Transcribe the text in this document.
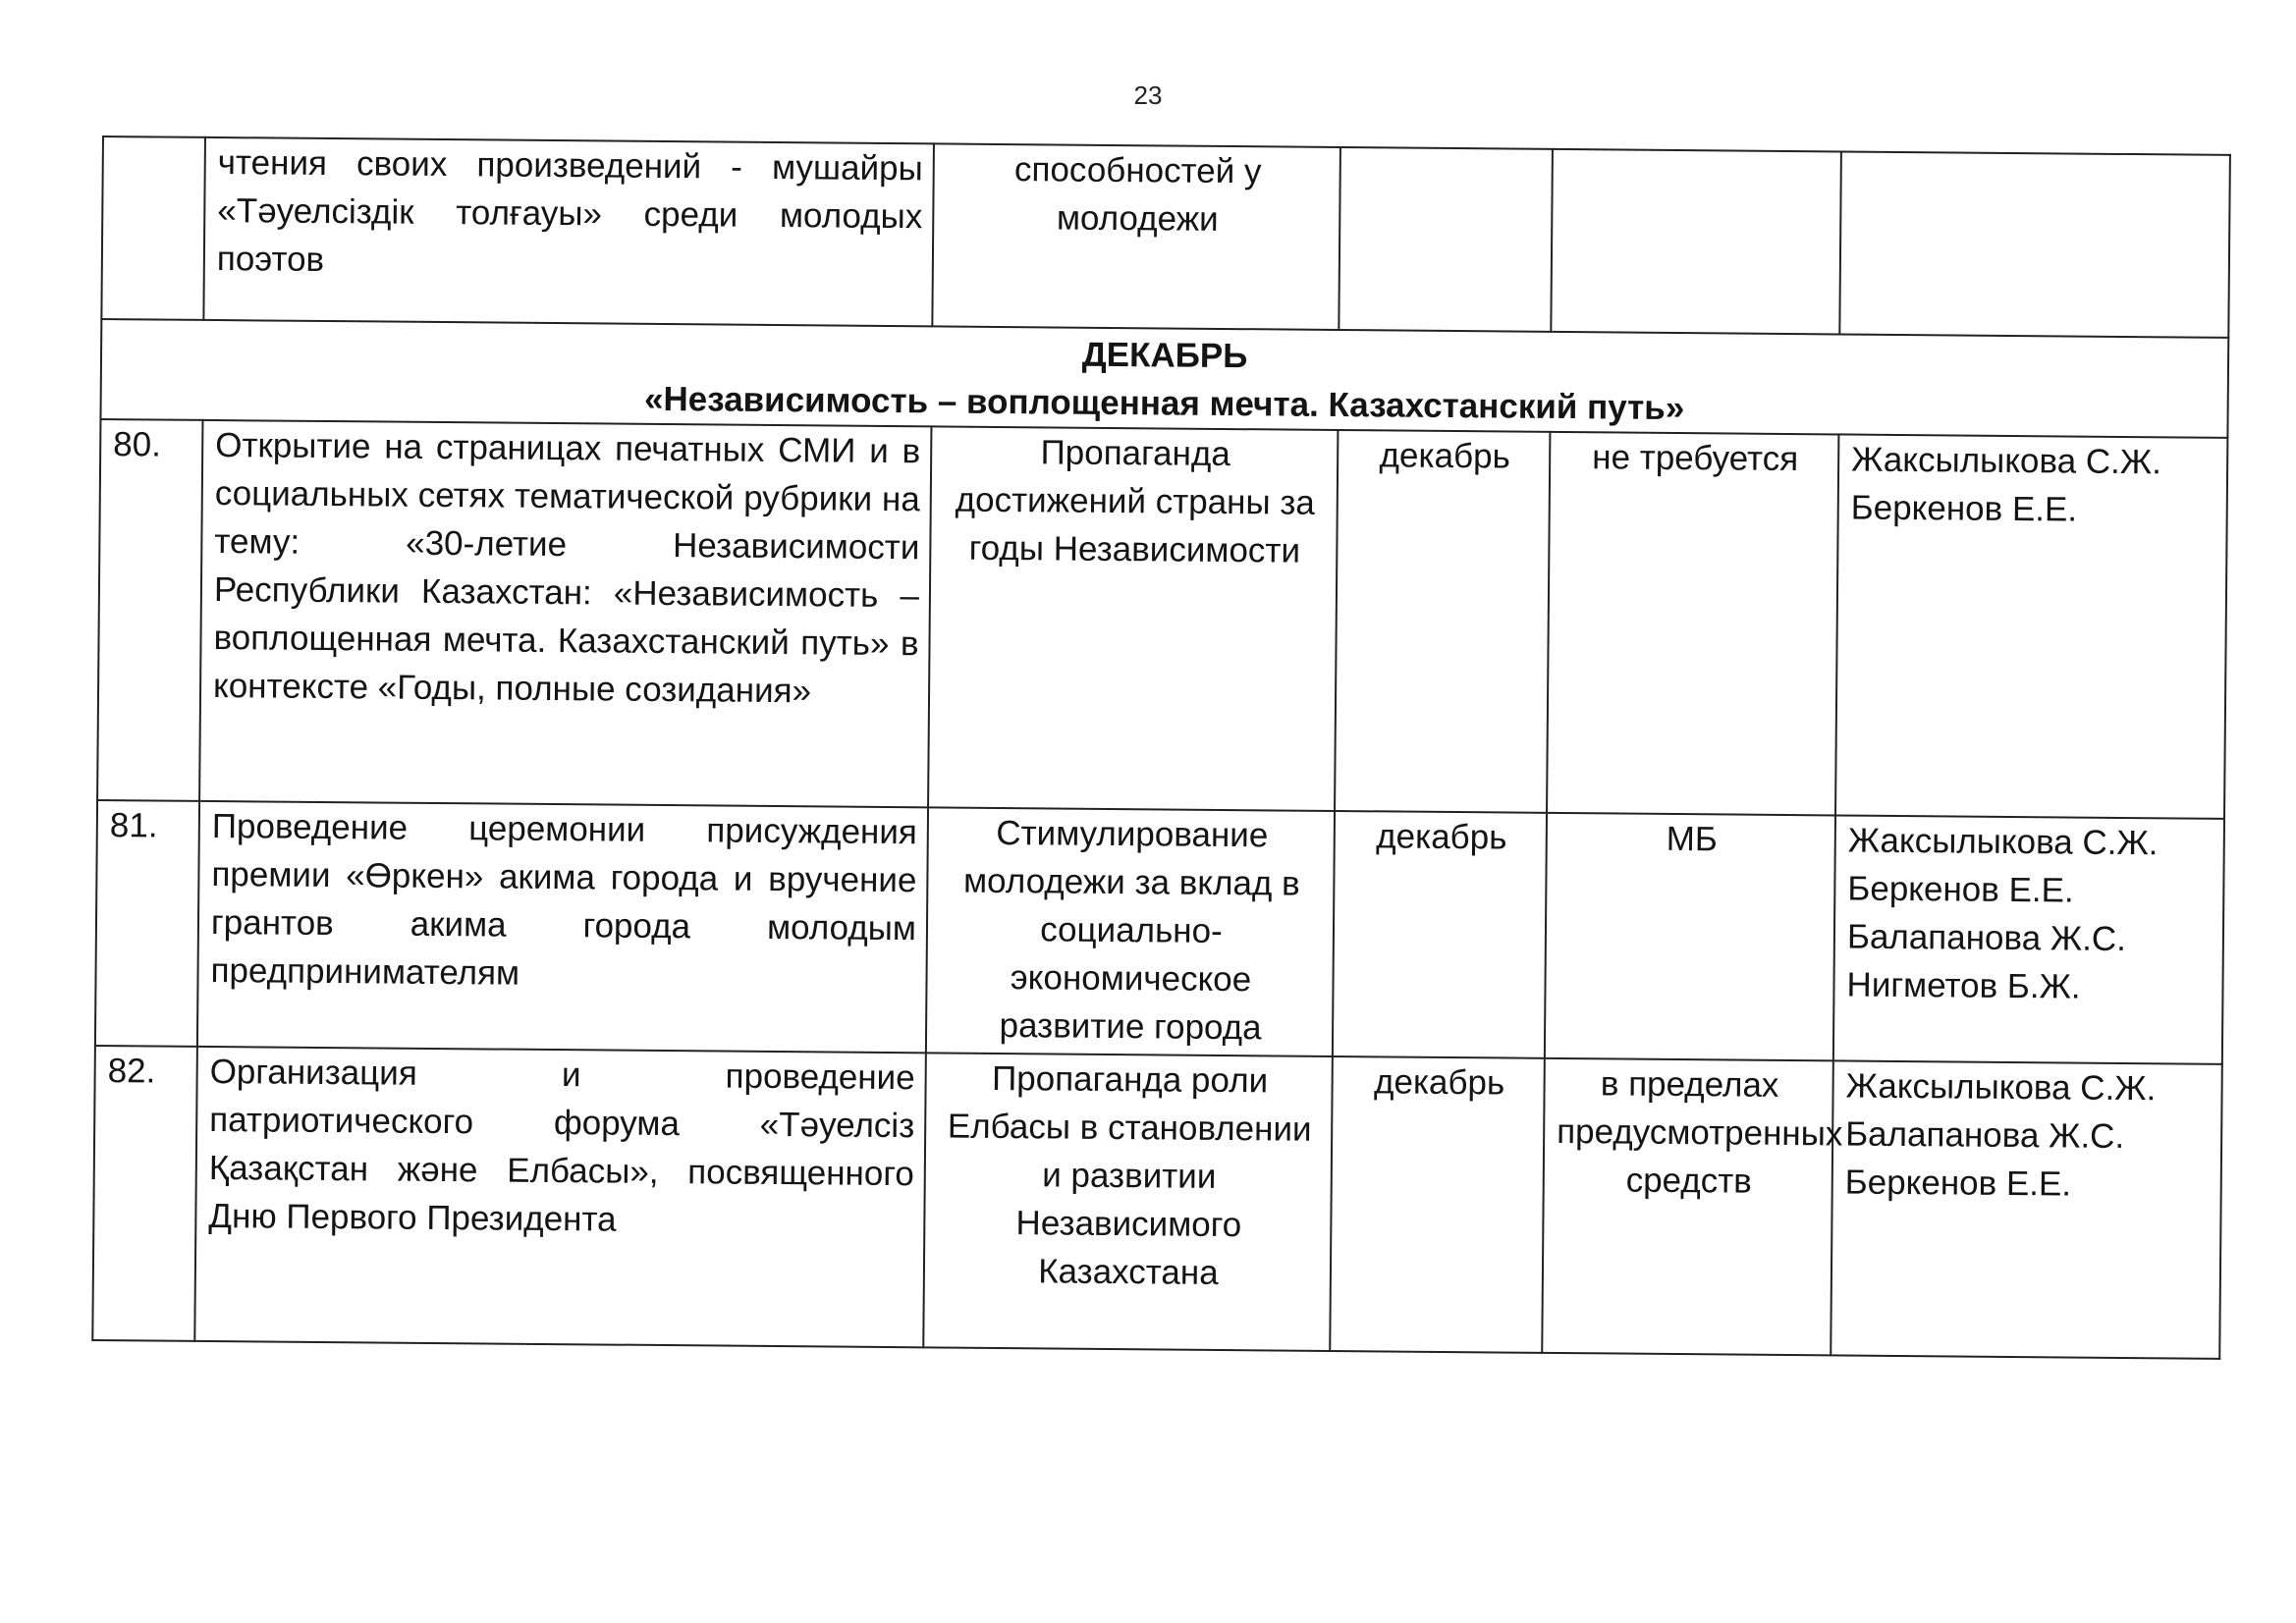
23
	чтения своих произведений - мушайры «Тәуелсіздік толғауы» среди молодых поэтов	способностей у молодежи			

ДЕКАБРЬ
«Независимость – воплощенная мечта. Казахстанский путь»					

80.	Открытие на страницах печатных СМИ и в социальных сетях тематической рубрики на тему: «30-летие Независимости Республики Казахстан: «Независимость – воплощенная мечта. Казахстанский путь» в контексте «Годы, полные созидания»	Пропаганда достижений страны за годы Независимости	декабрь	не требуется	Жаксылыкова С.Ж.
Беркенов Е.Е.

81.	Проведение церемонии присуждения премии «Өркен» акима города и вручение грантов акима города молодым предпринимателям	Стимулирование молодежи за вклад в социально-экономическое развитие города	декабрь	МБ	Жаксылыкова С.Ж.
Беркенов Е.Е.
Балапанова Ж.С.
Нигметов Б.Ж.

82.	Организация и проведение патриотического форума «Тәуелсіз Қазақстан және Елбасы», посвященного Дню Первого Президента	Пропаганда роли Елбасы в становлении и развитии Независимого Казахстана	декабрь	в пределах предусмотренных средств	Жаксылыкова С.Ж.
Балапанова Ж.С.
Беркенов Е.Е.
